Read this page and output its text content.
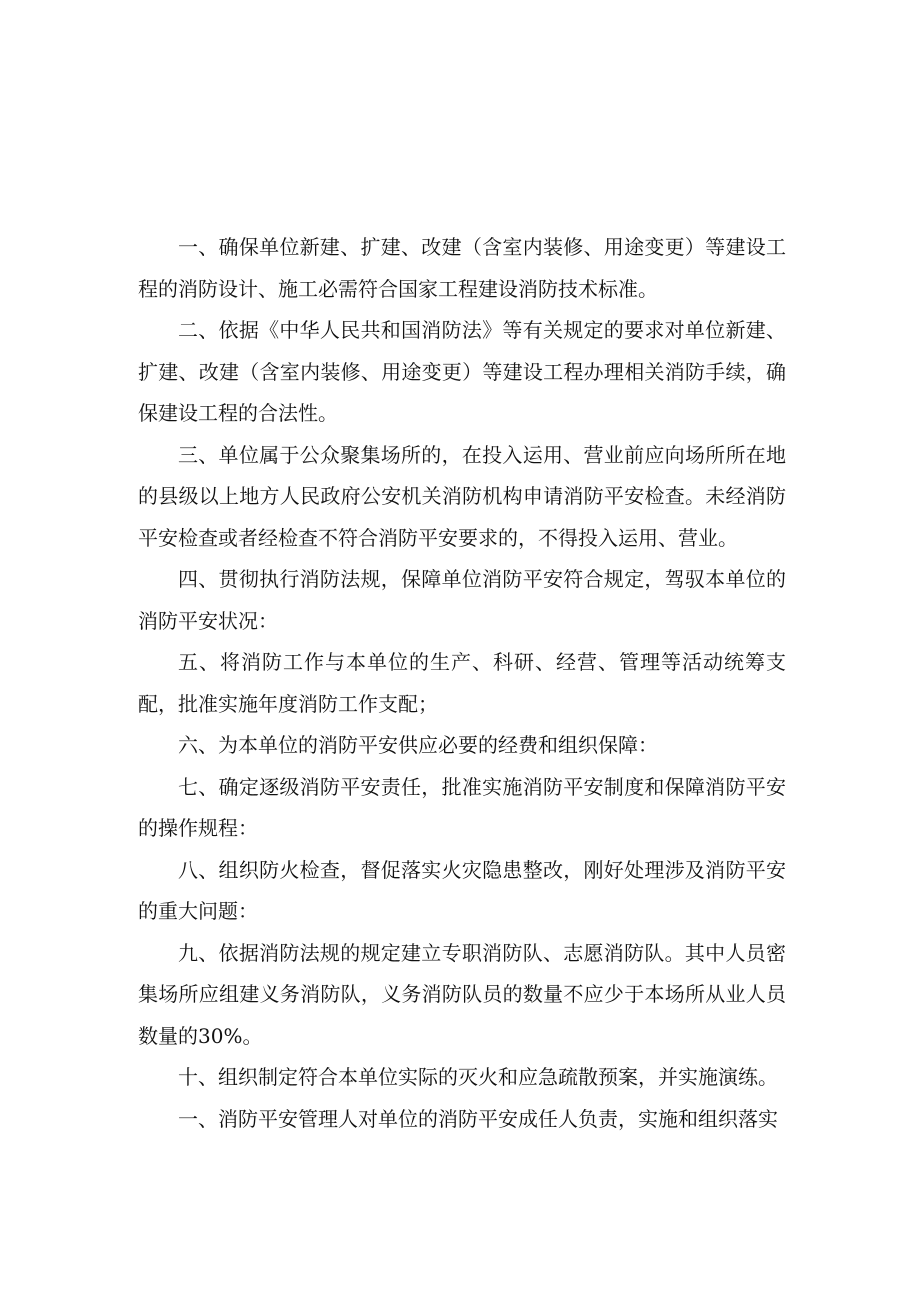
一、确保单位新建、扩建、改建（含室内装修、用途变更）等建设工程的消防设计、施工必需符合国家工程建设消防技术标准。

二、依据《中华人民共和国消防法》等有关规定的要求对单位新建、扩建、改建（含室内装修、用途变更）等建设工程办理相关消防手续，确保建设工程的合法性。

三、单位属于公众聚集场所的，在投入运用、营业前应向场所所在地的县级以上地方人民政府公安机关消防机构申请消防平安检查。未经消防平安检查或者经检查不符合消防平安要求的，不得投入运用、营业。

四、贯彻执行消防法规，保障单位消防平安符合规定，驾驭本单位的消防平安状况：

五、将消防工作与本单位的生产、科研、经营、管理等活动统筹支配，批准实施年度消防工作支配；

六、为本单位的消防平安供应必要的经费和组织保障：

七、确定逐级消防平安责任，批准实施消防平安制度和保障消防平安的操作规程：

八、组织防火检查，督促落实火灾隐患整改，刚好处理涉及消防平安的重大问题：

九、依据消防法规的规定建立专职消防队、志愿消防队。其中人员密集场所应组建义务消防队，义务消防队员的数量不应少于本场所从业人员数量的30%。

十、组织制定符合本单位实际的灭火和应急疏散预案，并实施演练。

一、消防平安管理人对单位的消防平安成任人负责，实施和组织落实
